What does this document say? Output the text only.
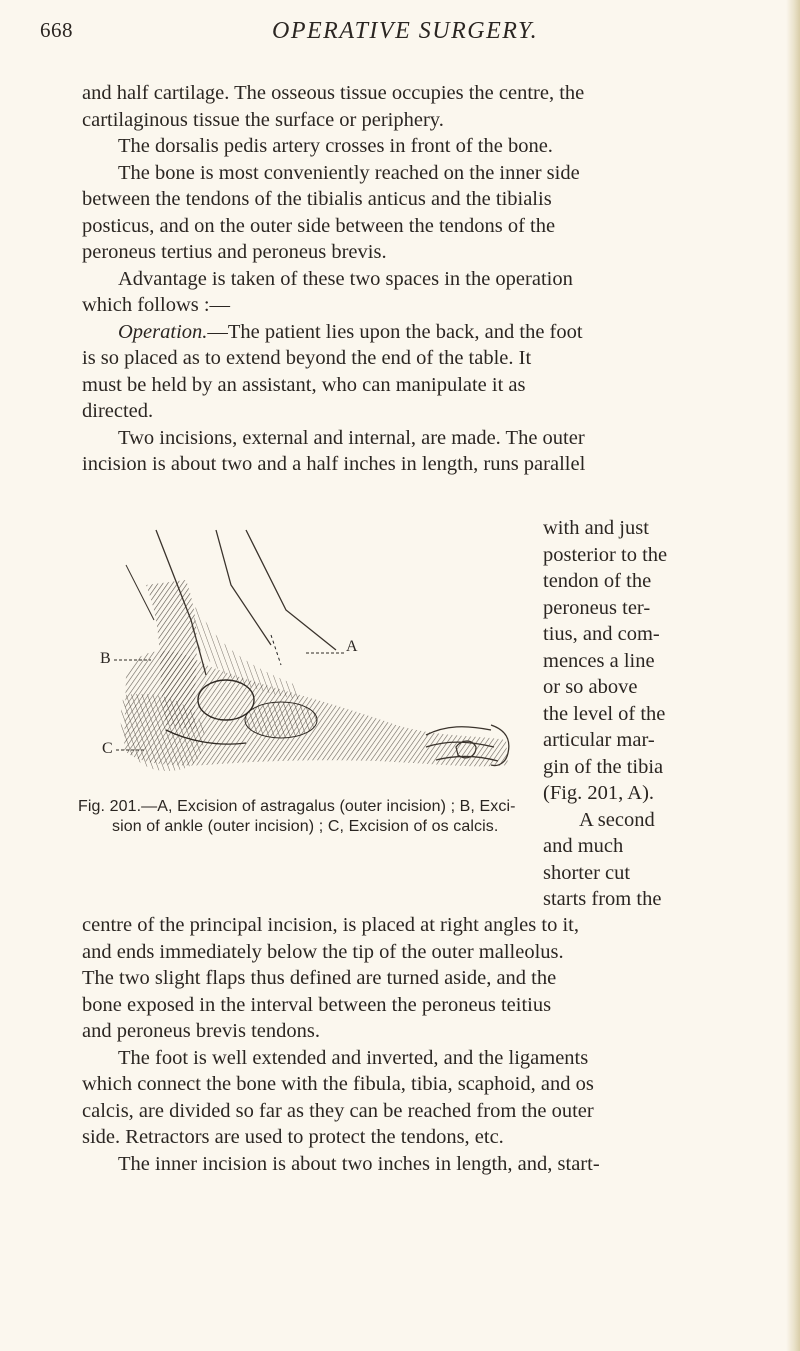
668	OPERATIVE SURGERY.

and half cartilage. The osseous tissue occupies the centre, the
cartilaginous tissue the surface or periphery.

The dorsalis pedis artery crosses in front of the bone.

The bone is most conveniently reached on the inner side
between the tendons of the tibialis anticus and the tibialis
posticus, and on the outer side between the tendons of the
peroneus tertius and peroneus brevis.

Advantage is taken of these two spaces in the operation
which follows :—

Operation.—The patient lies upon the back, and the foot
is so placed as to extend beyond the end of the table. It
must be held by an assistant, who can manipulate it as
directed.

Two incisions, external and internal, are made. The outer
incision is about two and a half inches in length, runs parallel

with and just
posterior to the
tendon of the
peroneus ter-
tius, and com-
mences a line
or so above
the level of the
articular mar-
gin of the tibia
(Fig. 201, A).
A second
and much
shorter cut
starts from the

B
C
A
Fig. 201.—A, Excision of astragalus (outer incision) ; B, Exci-
sion of ankle (outer incision) ; C, Excision of os calcis.

centre of the principal incision, is placed at right angles to it,
and ends immediately below the tip of the outer malleolus.
The two slight flaps thus defined are turned aside, and the
bone exposed in the interval between the peroneus teitius
and peroneus brevis tendons.

The foot is well extended and inverted, and the ligaments
which connect the bone with the fibula, tibia, scaphoid, and os
calcis, are divided so far as they can be reached from the outer
side. Retractors are used to protect the tendons, etc.

The inner incision is about two inches in length, and, start-
